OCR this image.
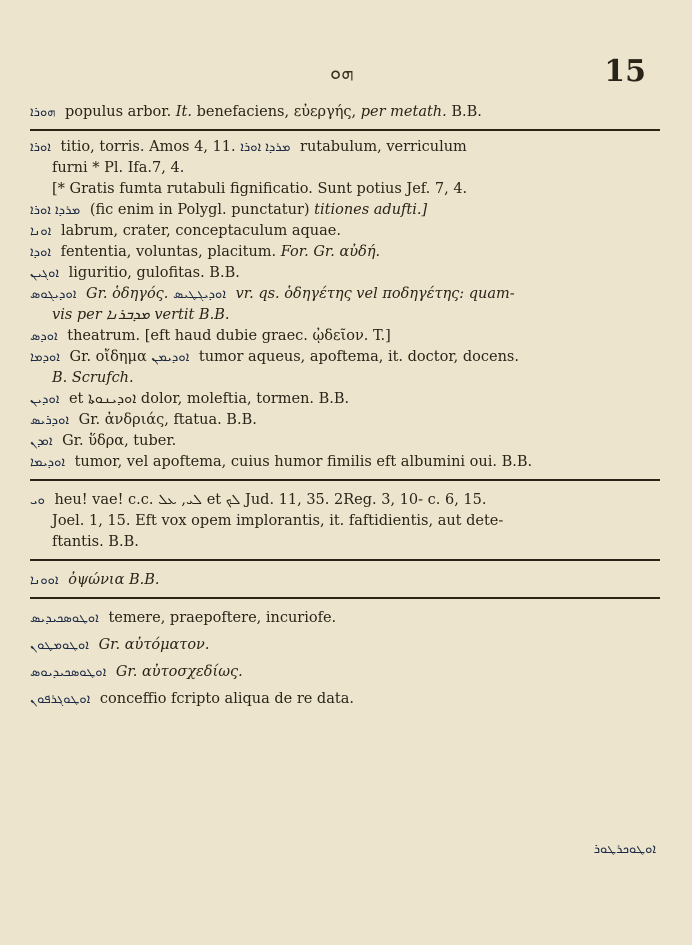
ܗܘ	15

ܗܘܪܐ populus arbor. It. benefaciens, εὐεργής, per metath. B.B.

ܐܘܪܐ titio, torris. Amos 4, 11. ܡܪܕܐ ܐܘܪܐ rutabulum, verriculum
furni * Pl. Ifa.7, 4.

[* Gratis fumta rutabuli fignificatio. Sunt potius Jef. 7, 4.

ܡܪܕܐ ܐܘܪܐ (fic enim in Polygl. punctatur) titiones adufti.]

ܐܘܢܐ labrum, crater, conceptaculum aquae.

ܐܘܕܐ fententia, voluntas, placitum. For. Gr. αὐδή.

ܐܘܓܝܢ liguritio, gulofitas. B.B.

ܐܘܕܝܓܘܣ Gr. ὁδηγός. ܐܘܕܝܓܛܝܣ vr. qs. ὁδηγέτης vel ποδηγέτης: quam-
vis per ܡܕܒܪܢܐ vertit B.B.

ܐܘܕܣ theatrum. [eft haud dubie graec. ᾠδεῖον. T.]

ܐܘܕܡܐ Gr. οἴδημα ܐܘܕܝܡܢ tumor aqueus, apoftema, it. doctor, docens.
B. Scrufch.

ܐܘܕܝܢ et ܐܘܕܝܢܘܬܐ dolor, moleftia, tormen. B.B.

ܐܘܕܪܝܣ Gr. ἀνδριάς, ftatua. B.B.

ܐܘܕܢ Gr. ὕδρα, tuber.

ܐܘܕܝܡܐ tumor, vel apoftema, cuius humor fimilis eft albumini oui. B.B.

ܘܝ heu! vae! c.c. ܠܝ, ܥܠ et ܠܟ Jud. 11, 35. 2Reg. 3, 10- c. 6, 15.
Joel. 1, 15. Eft vox opem implorantis, it. faftidientis, aut dete-
ftantis. B.B.

ܐܘܘܢܐ ὀψώνια B.B.

ܐܘܛܘܣܟܝܕܝܣ temere, praepoftere, incuriofe.

ܐܘܛܘܡܛܘܢ Gr. αὐτόματον.

ܐܘܛܘܣܟܝܕܝܘܣ Gr. αὐτοσχεδίως.

ܐܘܛܘܓܪܦܘܢ conceffio fcripto aliqua de re data.

ܐܘܛܘܟܪܛܘܪ
